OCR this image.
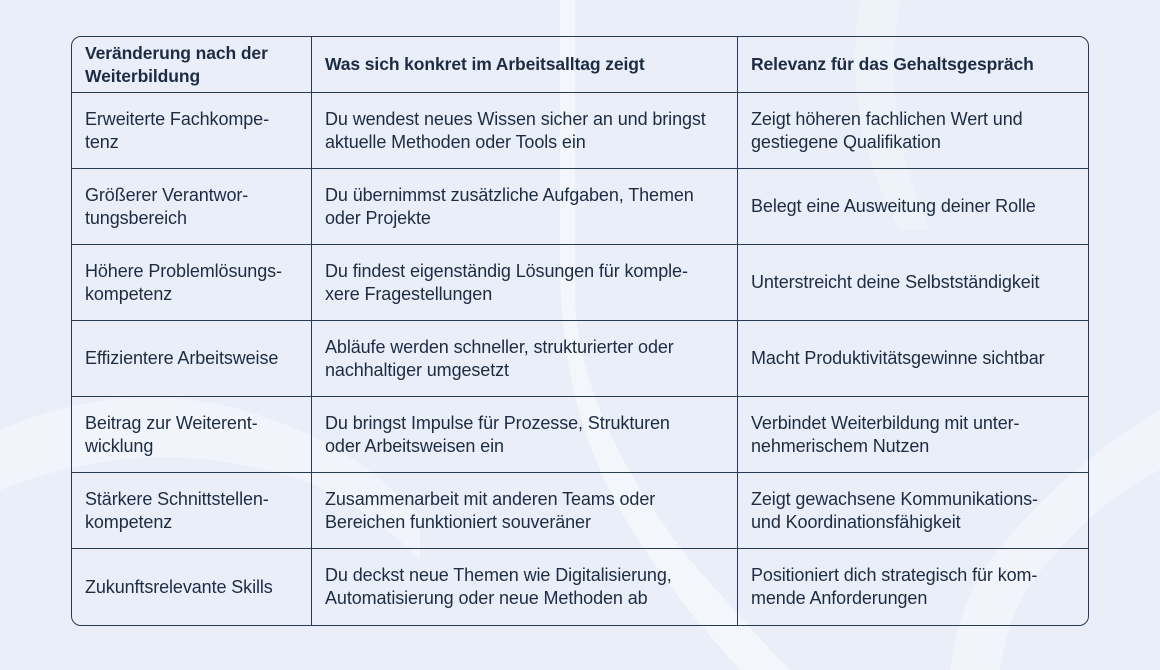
Veränderung nach der
Weiterbildung
Was sich konkret im Arbeitsalltag zeigt	Relevanz für das Gehaltsgespräch
Erweiterte Fachkompe-
tenz
Du wendest neues Wissen sicher an und bringst
aktuelle Methoden oder Tools ein
Zeigt höheren fachlichen Wert und
gestiegene Qualifikation
Größerer Verantwor-
tungsbereich
Du übernimmst zusätzliche Aufgaben, Themen
oder Projekte
Belegt eine Ausweitung deiner Rolle
Höhere Problemlösungs-
kompetenz
Du findest eigenständig Lösungen für komple-
xere Fragestellungen
Unterstreicht deine Selbstständigkeit
Effizientere Arbeitsweise
Abläufe werden schneller, strukturierter oder
nachhaltiger umgesetzt
Macht Produktivitätsgewinne sichtbar
Beitrag zur Weiterent-
wicklung
Du bringst Impulse für Prozesse, Strukturen
oder Arbeitsweisen ein
Verbindet Weiterbildung mit unter-
nehmerischem Nutzen
Stärkere Schnittstellen-
kompetenz
Zusammenarbeit mit anderen Teams oder
Bereichen funktioniert souveräner
Zeigt gewachsene Kommunikations-
und Koordinationsfähigkeit
Zukunftsrelevante Skills
Du deckst neue Themen wie Digitalisierung,
Automatisierung oder neue Methoden ab
Positioniert dich strategisch für kom-
mende Anforderungen
